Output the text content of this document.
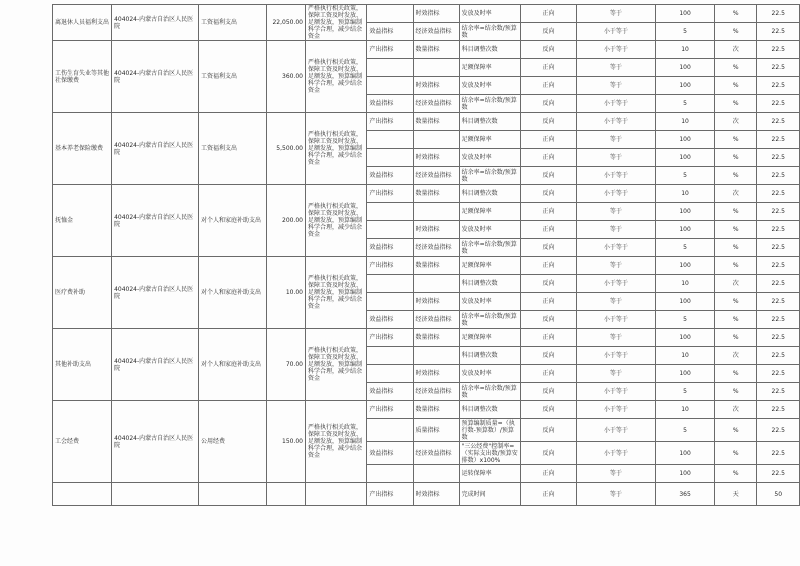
离退休人员福利支出	404024-内蒙古自治区人民医院	工资福利支出	22,050.00	严格执行相关政策，保障工资及时发放、足额发放，预算编制科学合理，减少结余资金		时效指标	发放及时率	正向	等于	100	%	22.5
					效益指标	经济效益指标	结余率=结余数/预算数	反向	小于等于	5	%	22.5
工伤生育失业等其他社保缴费	404024-内蒙古自治区人民医院	工资福利支出	360.00	严格执行相关政策，保障工资及时发放、足额发放，预算编制科学合理，减少结余资金	产出指标	数量指标	科目调整次数	反向	小于等于	10	次	22.5
							足额保障率	正向	等于	100	%	22.5
						时效指标	发放及时率	正向	等于	100	%	22.5
					效益指标	经济效益指标	结余率=结余数/预算数	反向	小于等于	5	%	22.5
基本养老保险缴费	404024-内蒙古自治区人民医院	工资福利支出	5,500.00	严格执行相关政策，保障工资及时发放、足额发放，预算编制科学合理，减少结余资金	产出指标	数量指标	科目调整次数	反向	小于等于	10	次	22.5
							足额保障率	正向	等于	100	%	22.5
						时效指标	发放及时率	正向	等于	100	%	22.5
					效益指标	经济效益指标	结余率=结余数/预算数	反向	小于等于	5	%	22.5
抚恤金	404024-内蒙古自治区人民医院	对个人和家庭补助支出	200.00	严格执行相关政策，保障工资及时发放、足额发放，预算编制科学合理，减少结余资金	产出指标	数量指标	科目调整次数	反向	小于等于	10	次	22.5
							足额保障率	正向	等于	100	%	22.5
						时效指标	发放及时率	正向	等于	100	%	22.5
					效益指标	经济效益指标	结余率=结余数/预算数	反向	小于等于	5	%	22.5
医疗费补助	404024-内蒙古自治区人民医院	对个人和家庭补助支出	10.00	严格执行相关政策，保障工资及时发放、足额发放，预算编制科学合理，减少结余资金	产出指标	数量指标	足额保障率	正向	等于	100	%	22.5
							科目调整次数	反向	小于等于	10	次	22.5
						时效指标	发放及时率	正向	等于	100	%	22.5
					效益指标	经济效益指标	结余率=结余数/预算数	反向	小于等于	5	%	22.5
其他补助支出	404024-内蒙古自治区人民医院	对个人和家庭补助支出	70.00	严格执行相关政策，保障工资及时发放、足额发放，预算编制科学合理，减少结余资金	产出指标	数量指标	足额保障率	正向	等于	100	%	22.5
							科目调整次数	反向	小于等于	10	次	22.5
						时效指标	发放及时率	正向	等于	100	%	22.5
					效益指标	经济效益指标	结余率=结余数/预算数	反向	小于等于	5	%	22.5
工会经费	404024-内蒙古自治区人民医院	公用经费	150.00	严格执行相关政策，保障工资及时发放、足额发放，预算编制科学合理，减少结余资金	产出指标	数量指标	科目调整次数	反向	小于等于	10	次	22.5
						质量指标	预算编制质量=（执行数-预算数）/预算数	反向	小于等于	5	%	22.5
					效益指标	经济效益指标	"三公经费"控制率=（实际支出数/预算安排数）x100%	反向	小于等于	100	%	22.5
							运转保障率	正向	等于	100	%	22.5
					产出指标	时效指标	完成时间	正向	等于	365	天	50
